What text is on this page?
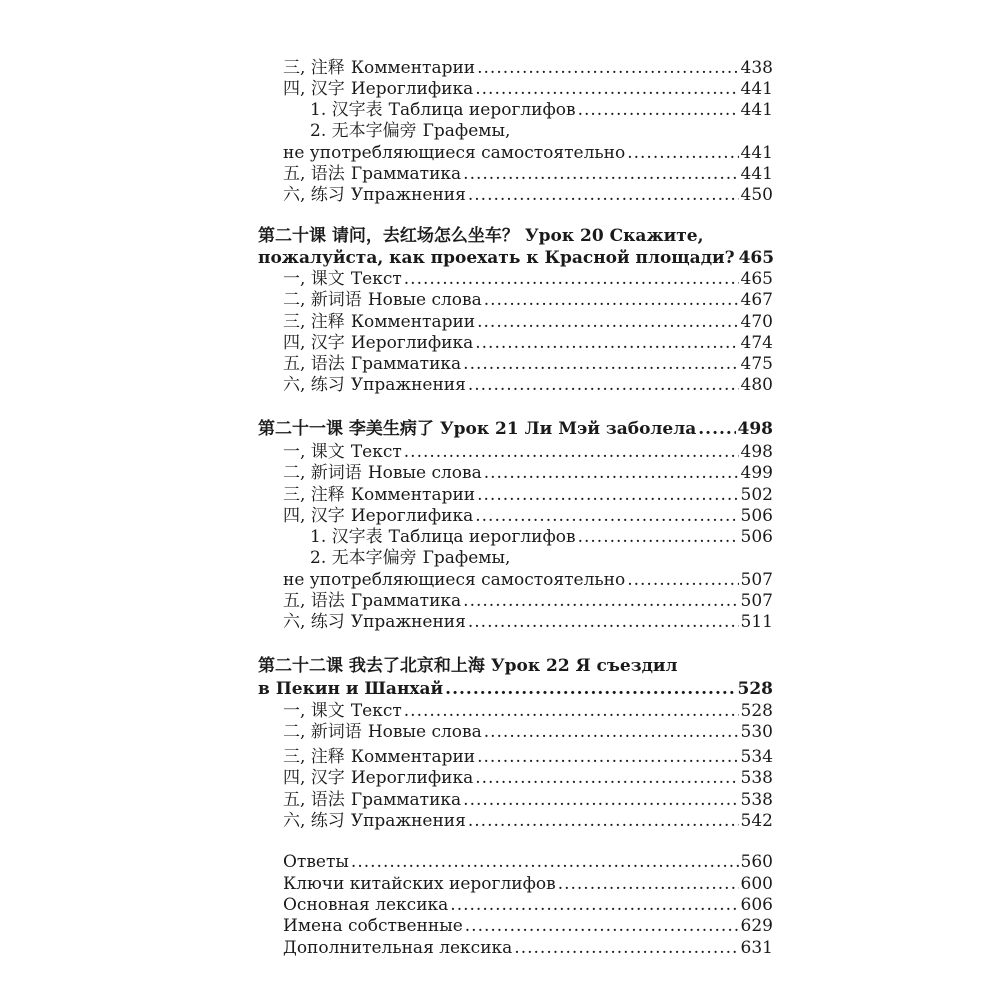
三, 注释 Комментарии .....	438
四, 汉字 Иероглифика .....	441
1. 汉字表 Таблица иероглифов .....	441
2. 无本字偏旁 Графемы,
не употребляющиеся самостоятельно .....	441
五, 语法 Грамматика .....	441
六, 练习 Упражнения .....	450
第二十课 请问，去红场怎么坐车？ Урок 20 Скажите,
пожалуйста, как проехать к Красной площади? 465
一, 课文 Текст .....	465
二, 新词语 Новые слова .....	467
三, 注释 Комментарии .....	470
四, 汉字 Иероглифика .....	474
五, 语法 Грамматика .....	475
六, 练习 Упражнения .....	480
第二十一课 李美生病了 Урок 21 Ли Мэй заболела ..... 498
一, 课文 Текст .....	498
二, 新词语 Новые слова .....	499
三, 注释 Комментарии .....	502
四, 汉字 Иероглифика .....	506
1. 汉字表 Таблица иероглифов .....	506
2. 无本字偏旁 Графемы,
не употребляющиеся самостоятельно .....	507
五, 语法 Грамматика .....	507
六, 练习 Упражнения .....	511
第二十二课 我去了北京和上海 Урок 22 Я съездил
в Пекин и Шанхай .....	528
一, 课文 Текст .....	528
二, 新词语 Новые слова .....	530
三, 注释 Комментарии .....	534
四, 汉字 Иероглифика .....	538
五, 语法 Грамматика .....	538
六, 练习 Упражнения .....	542
Ответы .....	560
Ключи китайских иероглифов .....	600
Основная лексика .....	606
Имена собственные .....	629
Дополнительная лексика .....	631
